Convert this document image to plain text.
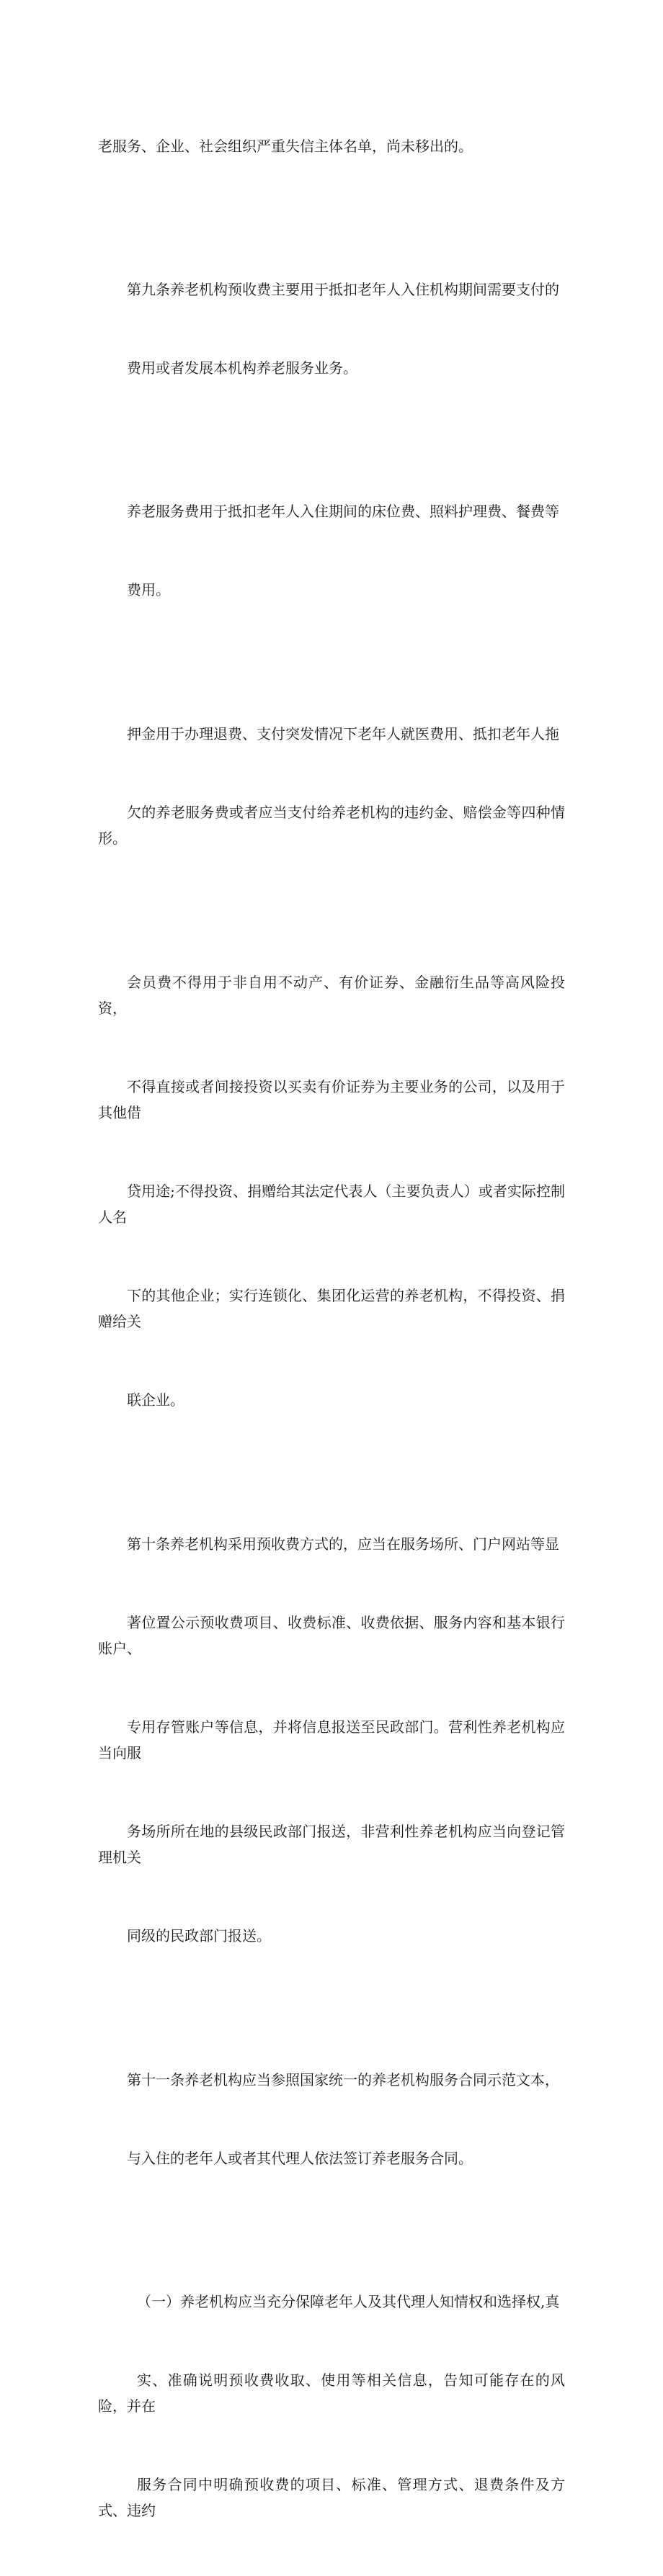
老服务、企业、社会组织严重失信主体名单，尚未移出的。

第九条养老机构预收费主要用于抵扣老年人入住机构期间需要支付的

费用或者发展本机构养老服务业务。

养老服务费用于抵扣老年人入住期间的床位费、照料护理费、餐费等

费用。

押金用于办理退费、支付突发情况下老年人就医费用、抵扣老年人拖

欠的养老服务费或者应当支付给养老机构的违约金、赔偿金等四种情形。

会员费不得用于非自用不动产、有价证券、金融衍生品等高风险投资，

不得直接或者间接投资以买卖有价证券为主要业务的公司，以及用于其他借

贷用途;不得投资、捐赠给其法定代表人（主要负责人）或者实际控制人名

下的其他企业；实行连锁化、集团化运营的养老机构，不得投资、捐赠给关

联企业。

第十条养老机构采用预收费方式的，应当在服务场所、门户网站等显

著位置公示预收费项目、收费标准、收费依据、服务内容和基本银行账户、

专用存管账户等信息，并将信息报送至民政部门。营利性养老机构应当向服

务场所所在地的县级民政部门报送，非营利性养老机构应当向登记管理机关

同级的民政部门报送。

第十一条养老机构应当参照国家统一的养老机构服务合同示范文本，

与入住的老年人或者其代理人依法签订养老服务合同。

（一）养老机构应当充分保障老年人及其代理人知情权和选择权,真

实、准确说明预收费收取、使用等相关信息，告知可能存在的风险，并在

服务合同中明确预收费的项目、标准、管理方式、退费条件及方式、违约
